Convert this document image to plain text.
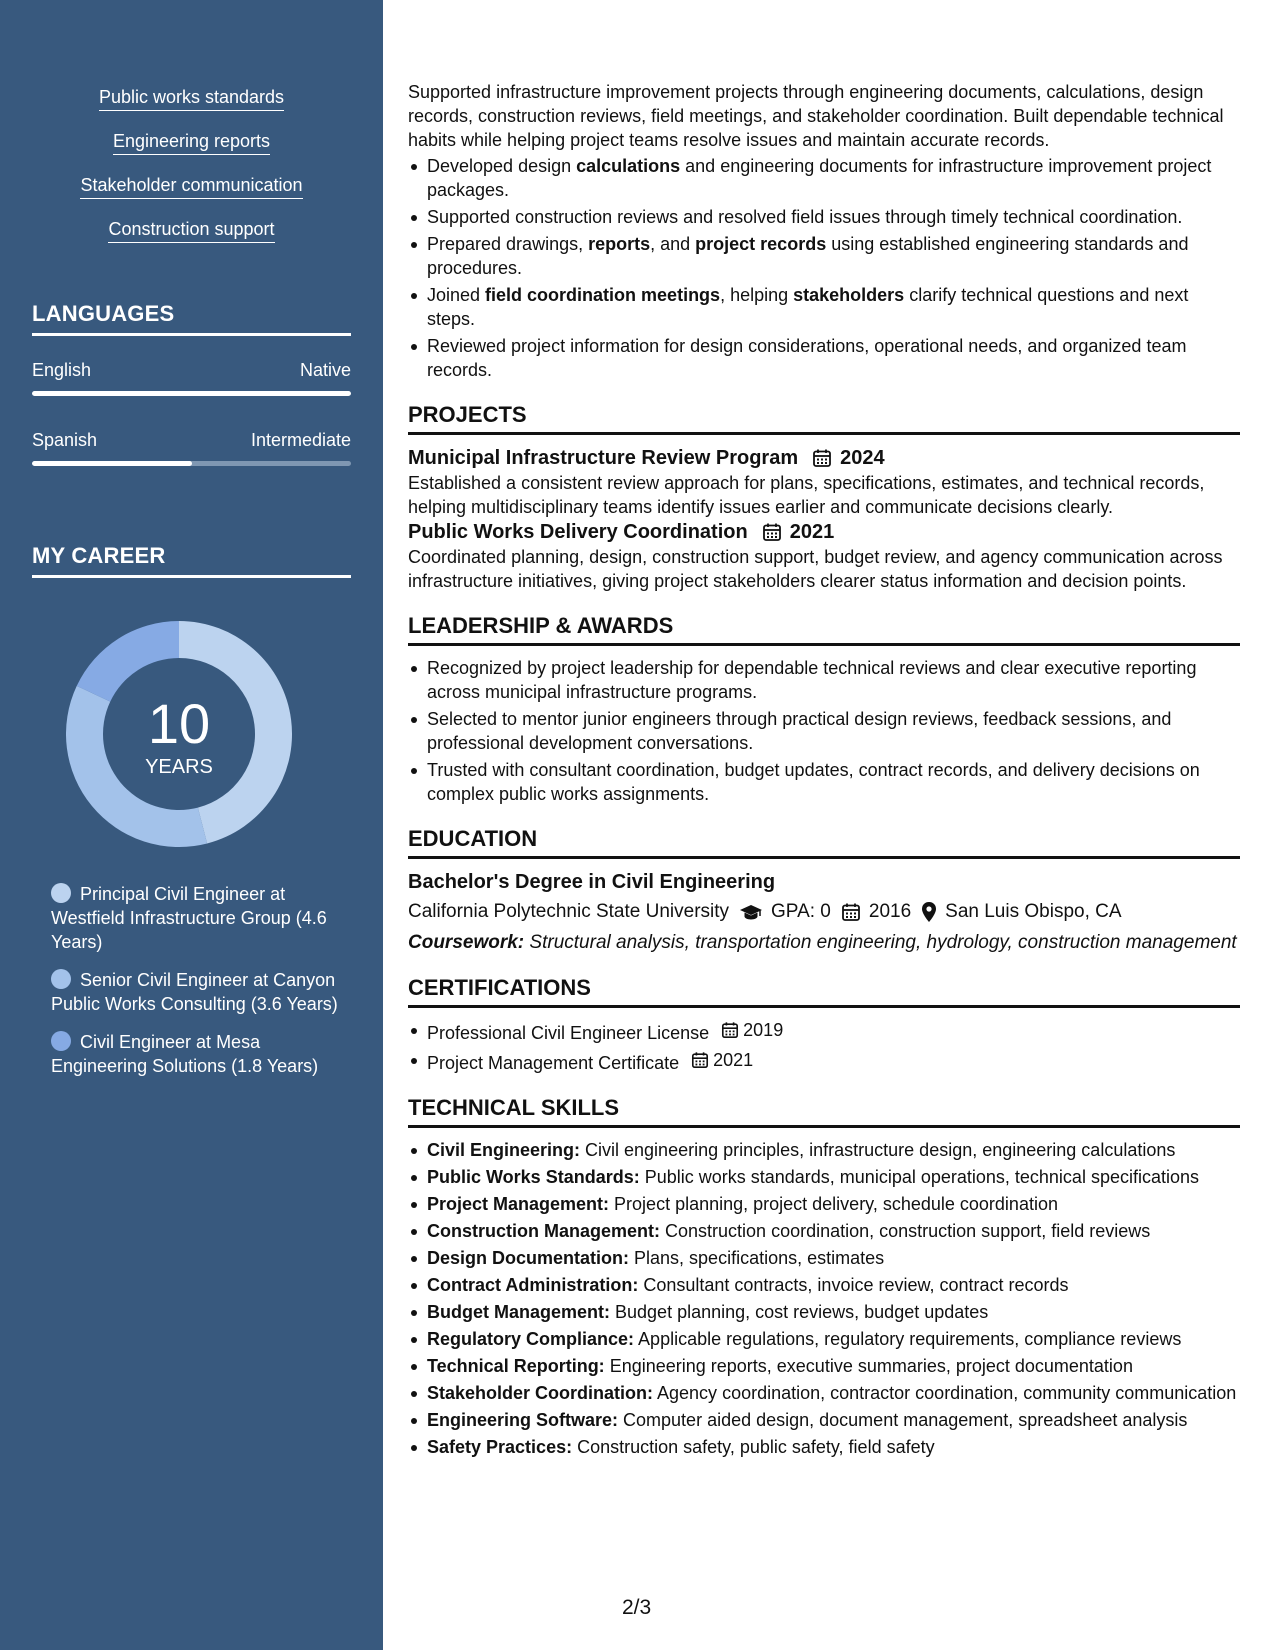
Public works standards
Engineering reports
Stakeholder communication
Construction support
LANGUAGES
English	Native
Spanish	Intermediate
MY CAREER
10
YEARS
Principal Civil Engineer at Westfield Infrastructure Group (4.6 Years)
Senior Civil Engineer at Canyon Public Works Consulting (3.6 Years)
Civil Engineer at Mesa Engineering Solutions (1.8 Years)

Supported infrastructure improvement projects through engineering documents, calculations, design records, construction reviews, field meetings, and stakeholder coordination. Built dependable technical habits while helping project teams resolve issues and maintain accurate records.

Developed design calculations and engineering documents for infrastructure improvement project packages.
Supported construction reviews and resolved field issues through timely technical coordination.
Prepared drawings, reports, and project records using established engineering standards and procedures.
Joined field coordination meetings, helping stakeholders clarify technical questions and next steps.
Reviewed project information for design considerations, operational needs, and organized team records.
PROJECTS
Municipal Infrastructure Review Program 2024

Established a consistent review approach for plans, specifications, estimates, and technical records, helping multidisciplinary teams identify issues earlier and communicate decisions clearly.

Public Works Delivery Coordination 2021

Coordinated planning, design, construction support, budget review, and agency communication across infrastructure initiatives, giving project stakeholders clearer status information and decision points.

LEADERSHIP & AWARDS
Recognized by project leadership for dependable technical reviews and clear executive reporting across municipal infrastructure programs.
Selected to mentor junior engineers through practical design reviews, feedback sessions, and professional development conversations.
Trusted with consultant coordination, budget updates, contract records, and delivery decisions on complex public works assignments.
EDUCATION
Bachelor's Degree in Civil Engineering
California Polytechnic State University GPA: 0 2016 San Luis Obispo, CA
Coursework: Structural analysis, transportation engineering, hydrology, construction management
CERTIFICATIONS
Professional Civil Engineer License 2019
Project Management Certificate 2021
TECHNICAL SKILLS
Civil Engineering: Civil engineering principles, infrastructure design, engineering calculations
Public Works Standards: Public works standards, municipal operations, technical specifications
Project Management: Project planning, project delivery, schedule coordination
Construction Management: Construction coordination, construction support, field reviews
Design Documentation: Plans, specifications, estimates
Contract Administration: Consultant contracts, invoice review, contract records
Budget Management: Budget planning, cost reviews, budget updates
Regulatory Compliance: Applicable regulations, regulatory requirements, compliance reviews
Technical Reporting: Engineering reports, executive summaries, project documentation
Stakeholder Coordination: Agency coordination, contractor coordination, community communication
Engineering Software: Computer aided design, document management, spreadsheet analysis
Safety Practices: Construction safety, public safety, field safety
2/3
